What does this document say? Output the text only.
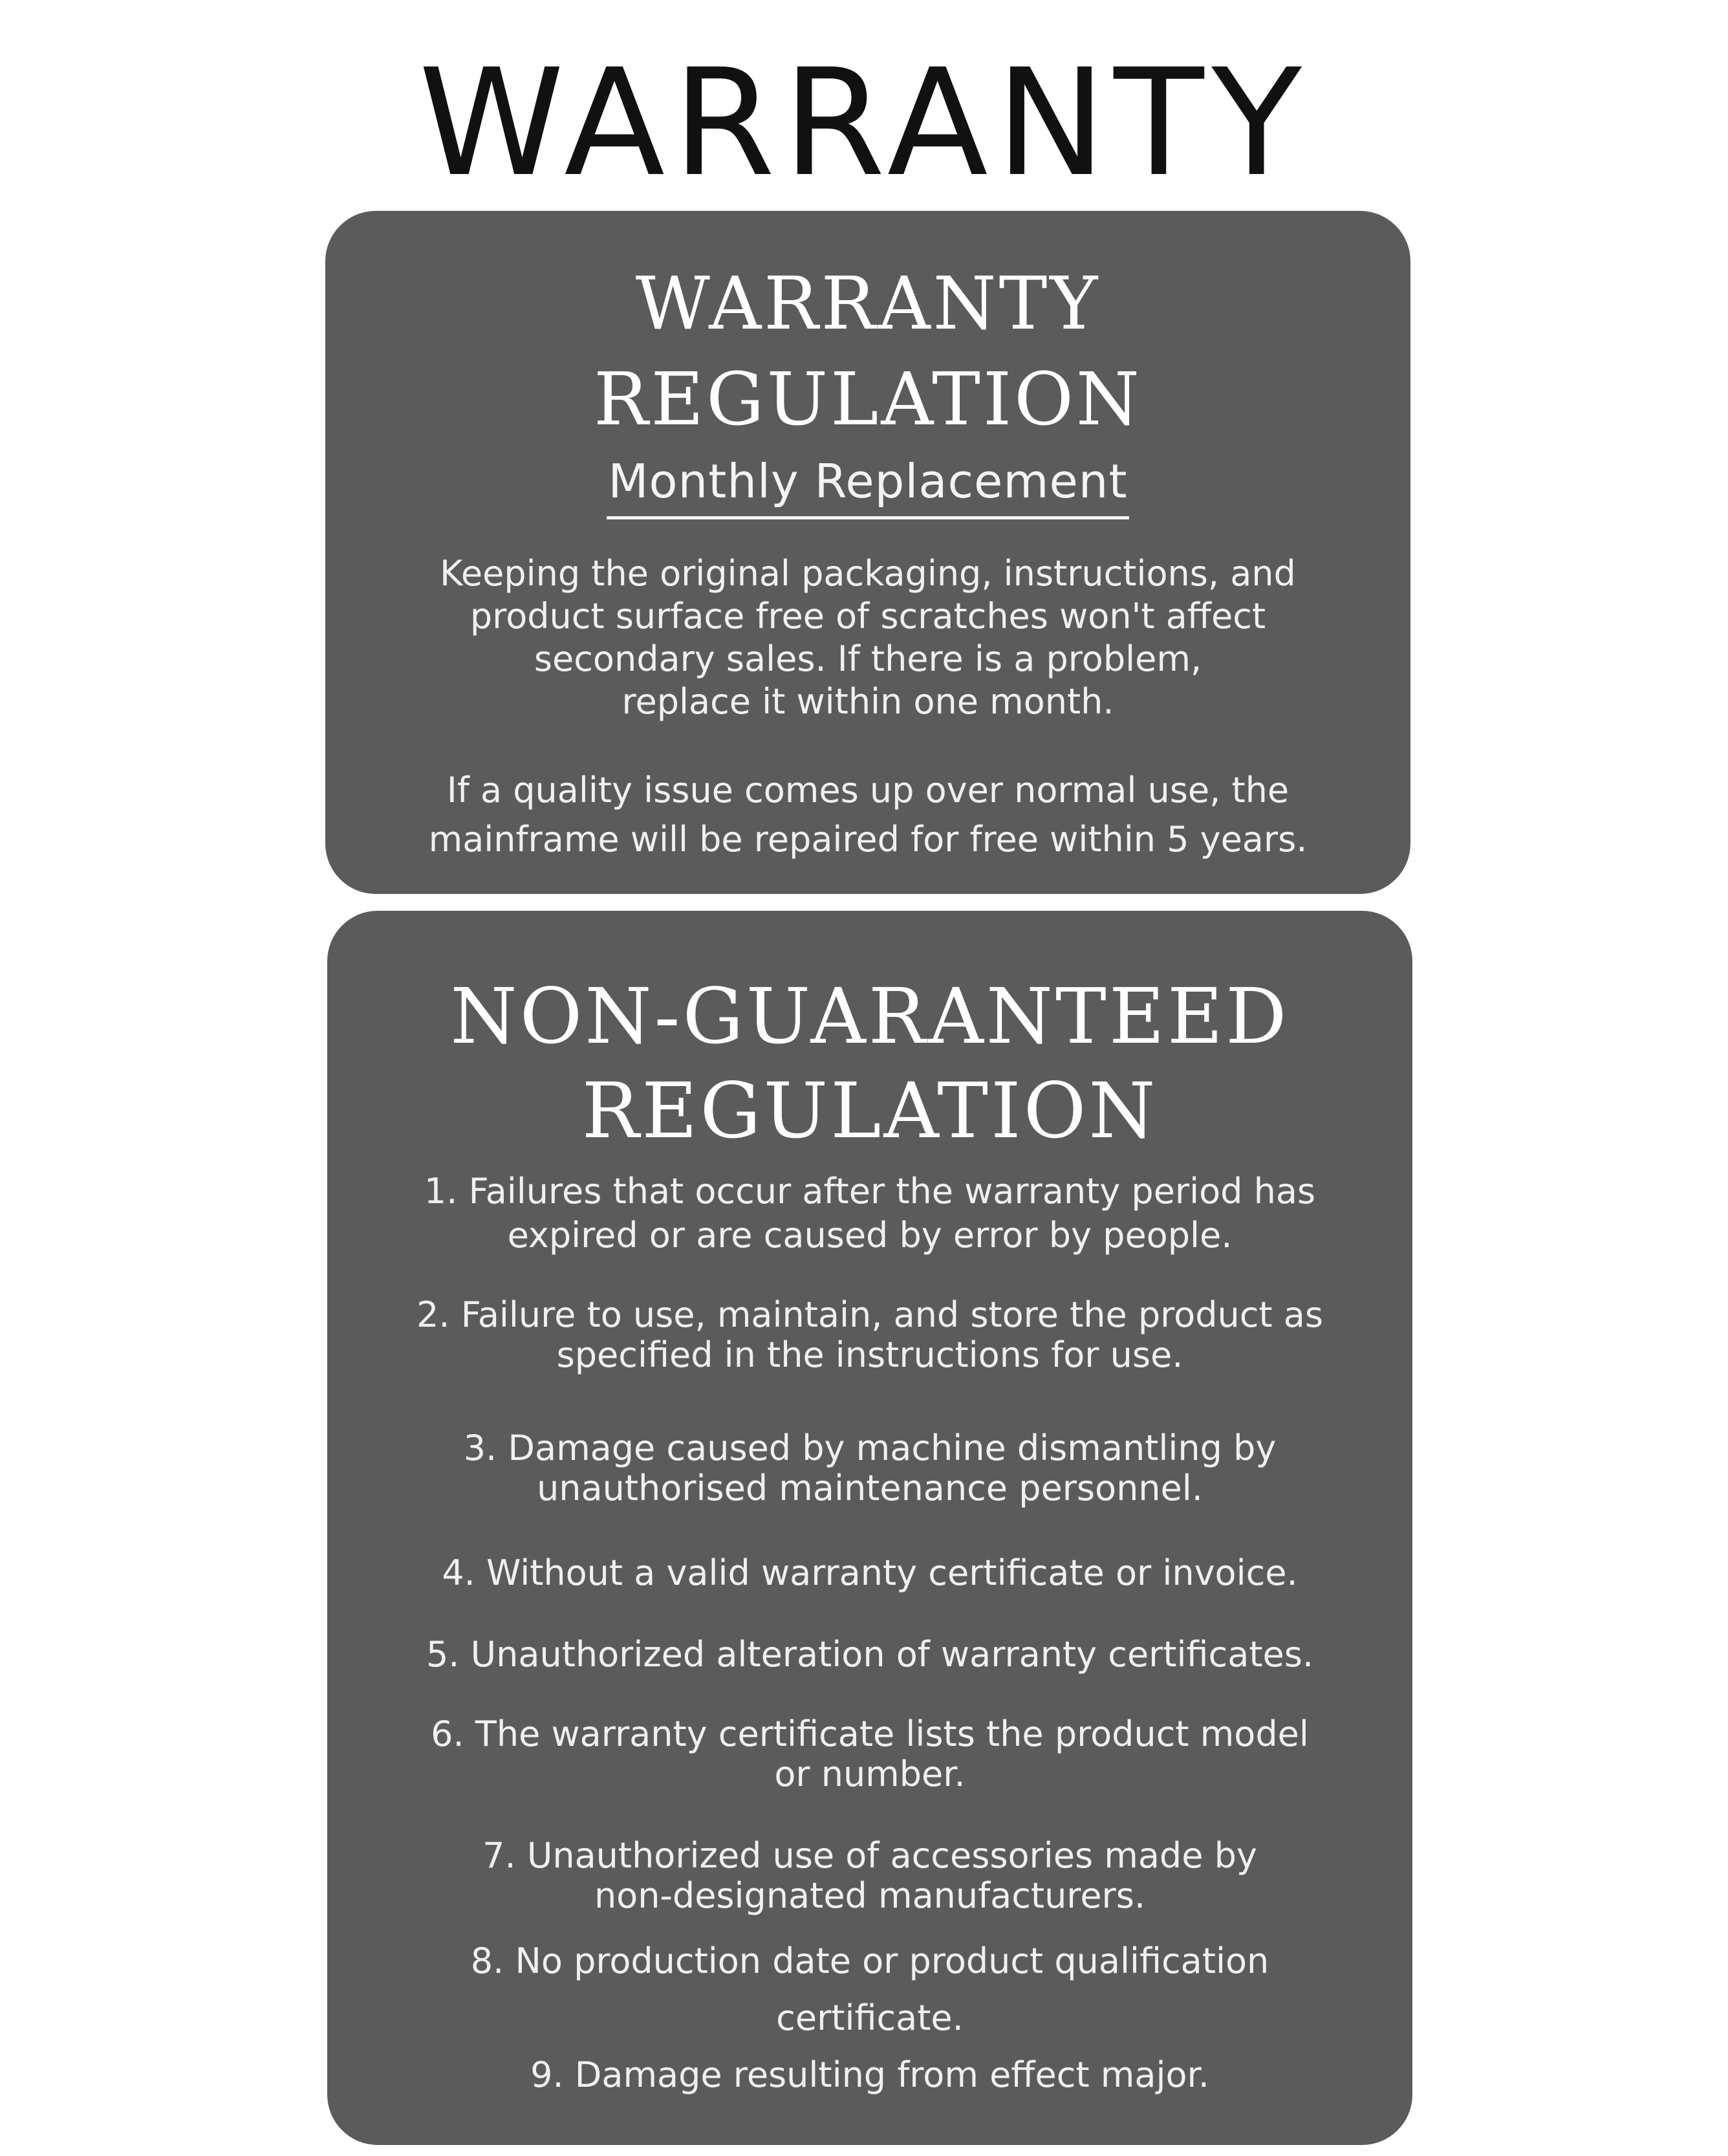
WARRANTY
WARRANTY
REGULATION
Monthly Replacement

Keeping the original packaging, instructions, and
product surface free of scratches won't affect
secondary sales. If there is a problem,
replace it within one month.

If a quality issue comes up over normal use, the
mainframe will be repaired for free within 5 years.

NON-GUARANTEED
REGULATION
1. Failures that occur after the warranty period has
expired or are caused by error by people.
2. Failure to use, maintain, and store the product as
specified in the instructions for use.
3. Damage caused by machine dismantling by
unauthorised maintenance personnel.
4. Without a valid warranty certificate or invoice.
5. Unauthorized alteration of warranty certificates.
6. The warranty certificate lists the product model
or number.
7. Unauthorized use of accessories made by
non-designated manufacturers.
8. No production date or product qualification
certificate.
9. Damage resulting from effect major.
